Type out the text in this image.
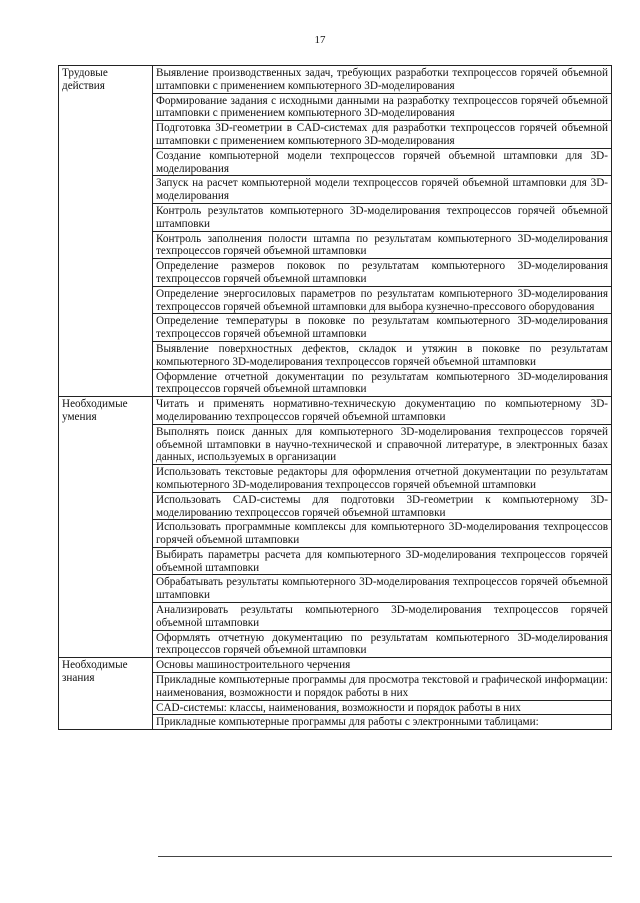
17
Трудовые действия	Выявление производственных задач, требующих разработки техпроцессов горячей объемной штамповки с применением компьютерного 3D-моделирования
	Формирование задания с исходными данными на разработку техпроцессов горячей объемной штамповки с применением компьютерного 3D-моделирования
	Подготовка 3D-геометрии в CAD-системах для разработки техпроцессов горячей объемной штамповки с применением компьютерного 3D-моделирования
	Создание компьютерной модели техпроцессов горячей объемной штамповки для 3D-моделирования
	Запуск на расчет компьютерной модели техпроцессов горячей объемной штамповки для 3D-моделирования
	Контроль результатов компьютерного 3D-моделирования техпроцессов горячей объемной штамповки
	Контроль заполнения полости штампа по результатам компьютерного 3D-моделирования техпроцессов горячей объемной штамповки
	Определение размеров поковок по результатам компьютерного 3D-моделирования техпроцессов горячей объемной штамповки
	Определение энергосиловых параметров по результатам компьютерного 3D-моделирования техпроцессов горячей объемной штамповки для выбора кузнечно-прессового оборудования
	Определение температуры в поковке по результатам компьютерного 3D-моделирования техпроцессов горячей объемной штамповки
	Выявление поверхностных дефектов, складок и утяжин в поковке по результатам компьютерного 3D-моделирования техпроцессов горячей объемной штамповки
	Оформление отчетной документации по результатам компьютерного 3D-моделирования техпроцессов горячей объемной штамповки
Необходимые умения	Читать и применять нормативно-техническую документацию по компьютерному 3D-моделированию техпроцессов горячей объемной штамповки
	Выполнять поиск данных для компьютерного 3D-моделирования техпроцессов горячей объемной штамповки в научно-технической и справочной литературе, в электронных базах данных, используемых в организации
	Использовать текстовые редакторы для оформления отчетной документации по результатам компьютерного 3D-моделирования техпроцессов горячей объемной штамповки
	Использовать CAD-системы для подготовки 3D-геометрии к компьютерному 3D-моделированию техпроцессов горячей объемной штамповки
	Использовать программные комплексы для компьютерного 3D-моделирования техпроцессов горячей объемной штамповки
	Выбирать параметры расчета для компьютерного 3D-моделирования техпроцессов горячей объемной штамповки
	Обрабатывать результаты компьютерного 3D-моделирования техпроцессов горячей объемной штамповки
	Анализировать результаты компьютерного 3D-моделирования техпроцессов горячей объемной штамповки
	Оформлять отчетную документацию по результатам компьютерного 3D-моделирования техпроцессов горячей объемной штамповки
Необходимые знания	Основы машиностроительного черчения
	Прикладные компьютерные программы для просмотра текстовой и графической информации: наименования, возможности и порядок работы в них
	CAD-системы: классы, наименования, возможности и порядок работы в них
	Прикладные компьютерные программы для работы с электронными таблицами:
